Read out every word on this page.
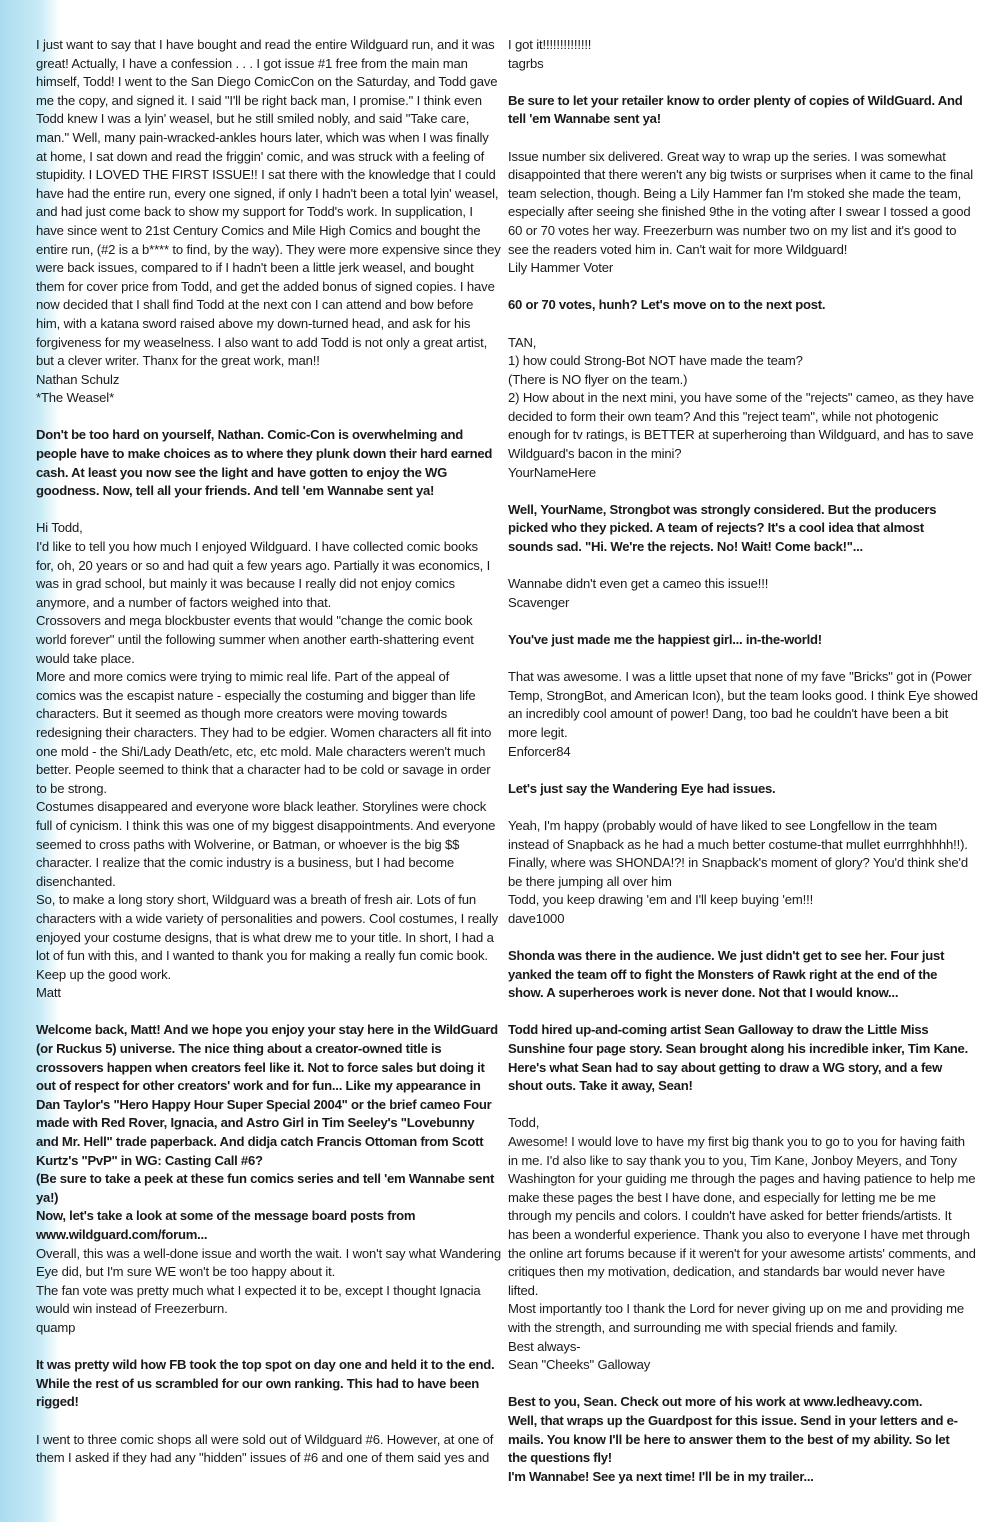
I just want to say that I have bought and read the entire Wildguard run, and it was
great! Actually, I have a confession . . . I got issue #1 free from the main man
himself, Todd! I went to the San Diego ComicCon on the Saturday, and Todd gave
me the copy, and signed it. I said "I'll be right back man, I promise." I think even
Todd knew I was a lyin' weasel, but he still smiled nobly, and said "Take care,
man." Well, many pain-wracked-ankles hours later, which was when I was finally
at home, I sat down and read the friggin' comic, and was struck with a feeling of
stupidity. I LOVED THE FIRST ISSUE!! I sat there with the knowledge that I could
have had the entire run, every one signed, if only I hadn't been a total lyin' weasel,
and had just come back to show my support for Todd's work. In supplication, I
have since went to 21st Century Comics and Mile High Comics and bought the
entire run, (#2 is a b**** to find, by the way). They were more expensive since they
were back issues, compared to if I hadn't been a little jerk weasel, and bought
them for cover price from Todd, and get the added bonus of signed copies. I have
now decided that I shall find Todd at the next con I can attend and bow before
him, with a katana sword raised above my down-turned head, and ask for his
forgiveness for my weaselness. I also want to add Todd is not only a great artist,
but a clever writer. Thanx for the great work, man!!
Nathan Schulz
*The Weasel*
Don't be too hard on yourself, Nathan. Comic-Con is overwhelming and
people have to make choices as to where they plunk down their hard earned
cash. At least you now see the light and have gotten to enjoy the WG
goodness. Now, tell all your friends. And tell 'em Wannabe sent ya!
Hi Todd,
I'd like to tell you how much I enjoyed Wildguard. I have collected comic books
for, oh, 20 years or so and had quit a few years ago. Partially it was economics, I
was in grad school, but mainly it was because I really did not enjoy comics
anymore, and a number of factors weighed into that.
Crossovers and mega blockbuster events that would "change the comic book
world forever" until the following summer when another earth-shattering event
would take place.
More and more comics were trying to mimic real life. Part of the appeal of
comics was the escapist nature - especially the costuming and bigger than life
characters. But it seemed as though more creators were moving towards
redesigning their characters. They had to be edgier. Women characters all fit into
one mold - the Shi/Lady Death/etc, etc, etc mold. Male characters weren't much
better. People seemed to think that a character had to be cold or savage in order
to be strong.
Costumes disappeared and everyone wore black leather. Storylines were chock
full of cynicism. I think this was one of my biggest disappointments. And everyone
seemed to cross paths with Wolverine, or Batman, or whoever is the big $$
character. I realize that the comic industry is a business, but I had become
disenchanted.
So, to make a long story short, Wildguard was a breath of fresh air. Lots of fun
characters with a wide variety of personalities and powers. Cool costumes, I really
enjoyed your costume designs, that is what drew me to your title. In short, I had a
lot of fun with this, and I wanted to thank you for making a really fun comic book.
Keep up the good work.
Matt
Welcome back, Matt! And we hope you enjoy your stay here in the WildGuard
(or Ruckus 5) universe. The nice thing about a creator-owned title is
crossovers happen when creators feel like it. Not to force sales but doing it
out of respect for other creators' work and for fun... Like my appearance in
Dan Taylor's "Hero Happy Hour Super Special 2004" or the brief cameo Four
made with Red Rover, Ignacia, and Astro Girl in Tim Seeley's "Lovebunny
and Mr. Hell" trade paperback. And didja catch Francis Ottoman from Scott
Kurtz's "PvP" in WG: Casting Call #6?
(Be sure to take a peek at these fun comics series and tell 'em Wannabe sent
ya!)
Now, let's take a look at some of the message board posts from
www.wildguard.com/forum...
Overall, this was a well-done issue and worth the wait. I won't say what Wandering
Eye did, but I'm sure WE won't be too happy about it.
The fan vote was pretty much what I expected it to be, except I thought Ignacia
would win instead of Freezerburn.
quamp
It was pretty wild how FB took the top spot on day one and held it to the end.
While the rest of us scrambled for our own ranking. This had to have been
rigged!
I went to three comic shops all were sold out of Wildguard #6. However, at one of
them I asked if they had any "hidden" issues of #6 and one of them said yes and
I got it!!!!!!!!!!!!!!
tagrbs
Be sure to let your retailer know to order plenty of copies of WildGuard. And
tell 'em Wannabe sent ya!
Issue number six delivered. Great way to wrap up the series. I was somewhat
disappointed that there weren't any big twists or surprises when it came to the final
team selection, though. Being a Lily Hammer fan I'm stoked she made the team,
especially after seeing she finished 9the in the voting after I swear I tossed a good
60 or 70 votes her way. Freezerburn was number two on my list and it's good to
see the readers voted him in. Can't wait for more Wildguard!
Lily Hammer Voter
60 or 70 votes, hunh? Let's move on to the next post.
TAN,
1) how could Strong-Bot NOT have made the team?
(There is NO flyer on the team.)
2) How about in the next mini, you have some of the "rejects" cameo, as they have
decided to form their own team? And this "reject team", while not photogenic
enough for tv ratings, is BETTER at superheroing than Wildguard, and has to save
Wildguard's bacon in the mini?
YourNameHere
Well, YourName, Strongbot was strongly considered. But the producers
picked who they picked. A team of rejects? It's a cool idea that almost
sounds sad. "Hi. We're the rejects. No! Wait! Come back!"...
Wannabe didn't even get a cameo this issue!!!
Scavenger
You've just made me the happiest girl... in-the-world!
That was awesome. I was a little upset that none of my fave "Bricks" got in (Power
Temp, StrongBot, and American Icon), but the team looks good. I think Eye showed
an incredibly cool amount of power! Dang, too bad he couldn't have been a bit
more legit.
Enforcer84
Let's just say the Wandering Eye had issues.
Yeah, I'm happy (probably would of have liked to see Longfellow in the team
instead of Snapback as he had a much better costume-that mullet eurrrghhhhh!!).
Finally, where was SHONDA!?! in Snapback's moment of glory? You'd think she'd
be there jumping all over him
Todd, you keep drawing 'em and I'll keep buying 'em!!!
dave1000
Shonda was there in the audience. We just didn't get to see her. Four just
yanked the team off to fight the Monsters of Rawk right at the end of the
show. A superheroes work is never done. Not that I would know...
Todd hired up-and-coming artist Sean Galloway to draw the Little Miss
Sunshine four page story. Sean brought along his incredible inker, Tim Kane.
Here's what Sean had to say about getting to draw a WG story, and a few
shout outs. Take it away, Sean!
Todd,
Awesome! I would love to have my first big thank you to go to you for having faith
in me. I'd also like to say thank you to you, Tim Kane, Jonboy Meyers, and Tony
Washington for your guiding me through the pages and having patience to help me
make these pages the best I have done, and especially for letting me be me
through my pencils and colors. I couldn't have asked for better friends/artists. It
has been a wonderful experience. Thank you also to everyone I have met through
the online art forums because if it weren't for your awesome artists' comments, and
critiques then my motivation, dedication, and standards bar would never have
lifted.
Most importantly too I thank the Lord for never giving up on me and providing me
with the strength, and surrounding me with special friends and family.
Best always-
Sean "Cheeks" Galloway
Best to you, Sean. Check out more of his work at www.ledheavy.com.
Well, that wraps up the Guardpost for this issue. Send in your letters and e-
mails. You know I'll be here to answer them to the best of my ability. So let
the questions fly!
I'm Wannabe! See ya next time! I'll be in my trailer...
